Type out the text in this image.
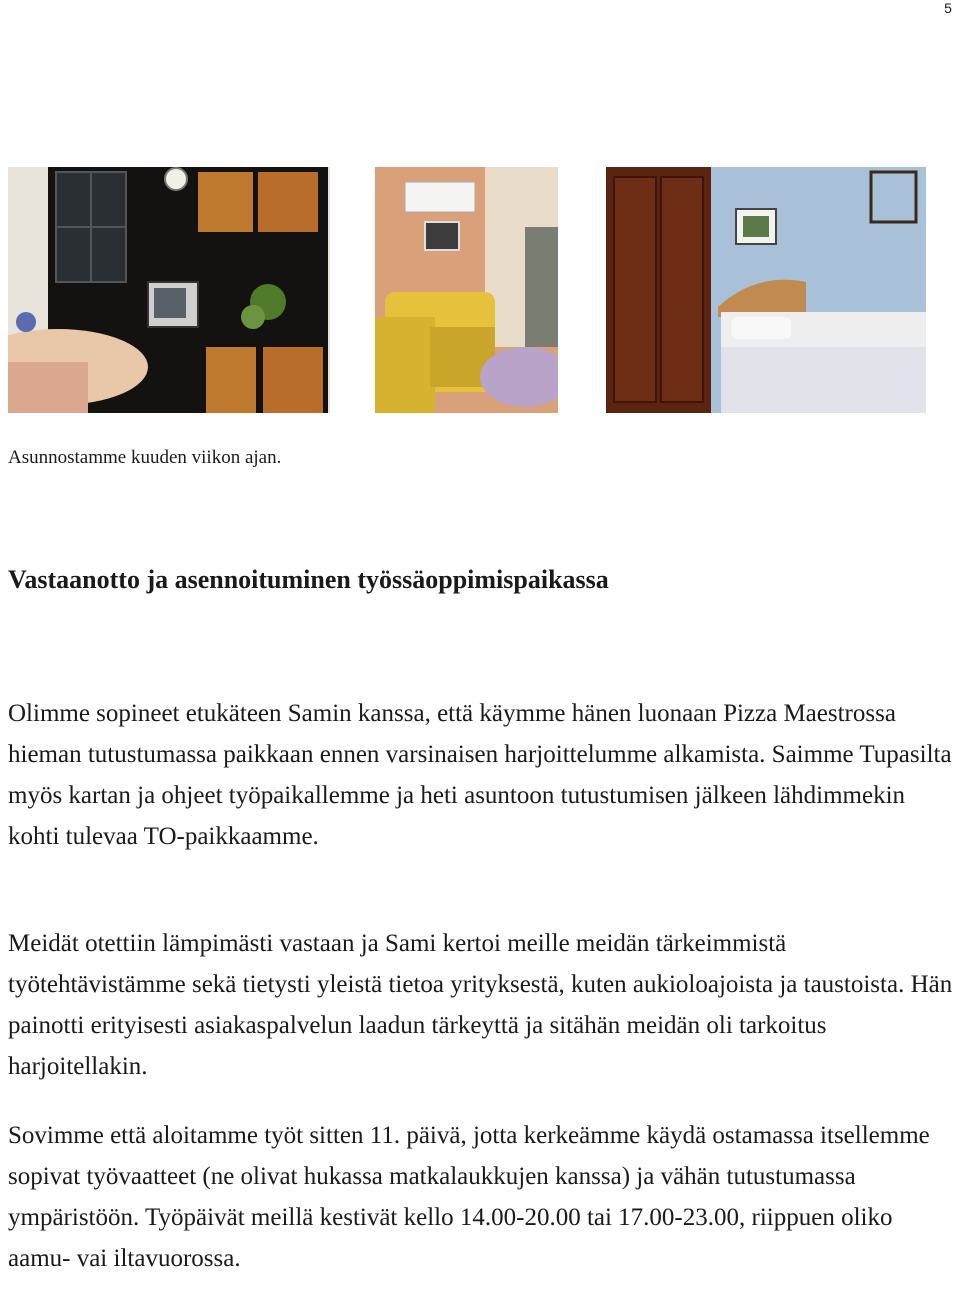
5
Asunnostamme kuuden viikon ajan.
Vastaanotto ja asennoituminen työssäoppimispaikassa

Olimme sopineet etukäteen Samin kanssa, että käymme hänen luonaan Pizza Maestrossa hieman tutustumassa paikkaan ennen varsinaisen harjoittelumme alkamista. Saimme Tupasilta myös kartan ja ohjeet työpaikallemme ja heti asuntoon tutustumisen jälkeen lähdimmekin kohti tulevaa TO-paikkaamme.

Meidät otettiin lämpimästi vastaan ja Sami kertoi meille meidän tärkeimmistä työtehtävistämme sekä tietysti yleistä tietoa yrityksestä, kuten aukioloajoista ja taustoista. Hän painotti erityisesti asiakaspalvelun laadun tärkeyttä ja sitähän meidän oli tarkoitus harjoitellakin.

Sovimme että aloitamme työt sitten 11. päivä, jotta kerkeämme käydä ostamassa itsellemme sopivat työvaatteet (ne olivat hukassa matkalaukkujen kanssa) ja vähän tutustumassa ympäristöön. Työpäivät meillä kestivät kello 14.00-20.00 tai 17.00-23.00, riippuen oliko aamu- vai iltavuorossa.
